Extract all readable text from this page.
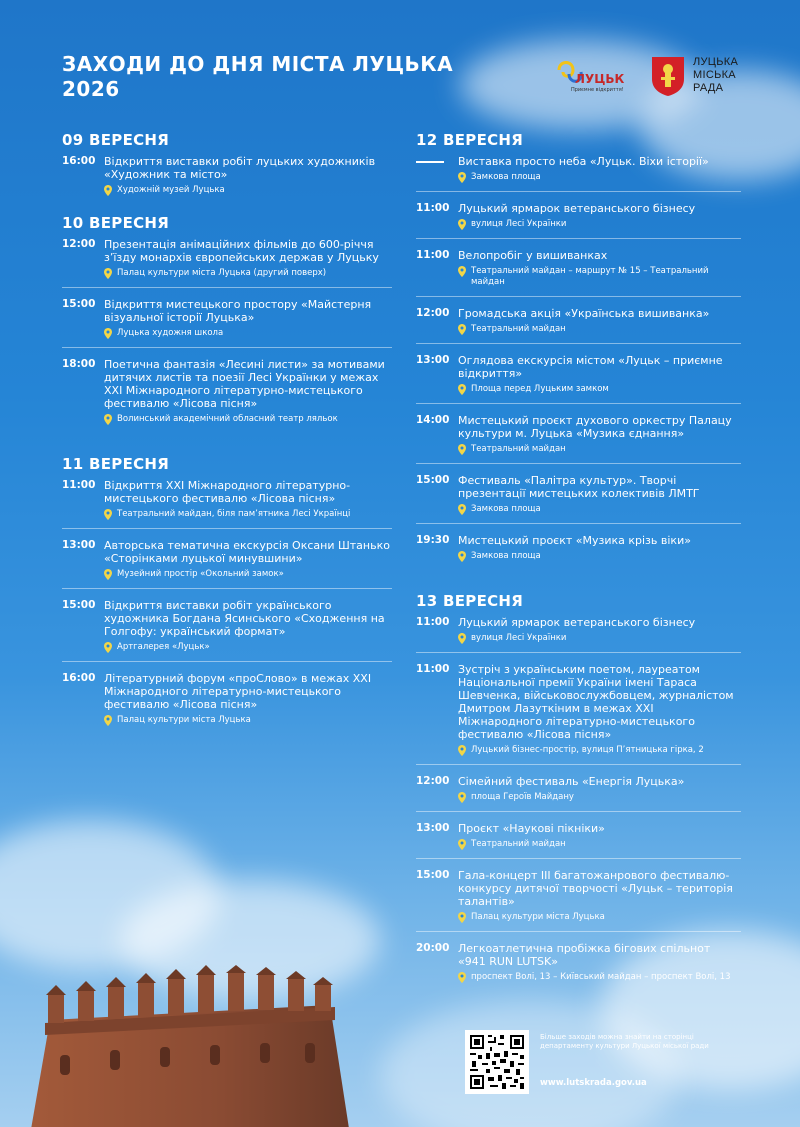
ЗАХОДИ ДО ДНЯ МІСТА ЛУЦЬКА 2026	ЛУЦЬК
Приємне відкриття!
ЛУЦЬКА
МІСЬКА
РАДА
09 ВЕРЕСНЯ
16:00 Відкриття виставки робіт луцьких художників «Художник та місто»
Художній музей Луцька
10 ВЕРЕСНЯ
12:00 Презентація анімаційних фільмів до 600-річчя з’їзду монархів європейських держав у Луцьку
Палац культури міста Луцька (другий поверх)
15:00 Відкриття мистецького простору «Майстерня візуальної історії Луцька»
Луцька художня школа
18:00 Поетична фантазія «Лесині листи» за мотивами дитячих листів та поезії Лесі Українки у межах XXI Міжнародного літературно-мистецького фестивалю «Лісова пісня»
Волинський академічний обласний театр ляльок
11 ВЕРЕСНЯ
11:00 Відкриття XXI Міжнародного літературно-мистецького фестивалю «Лісова пісня»
Театральний майдан, біля пам’ятника Лесі Українці
13:00 Авторська тематична екскурсія Оксани Штанько «Сторінками луцької минувшини»
Музейний простір «Окольний замок»
15:00 Відкриття виставки робіт українського художника Богдана Ясинського «Сходження на Голгофу: український формат»
Артгалерея «Луцьк»
16:00 Літературний форум «проСлово» в межах XXI Міжнародного літературно-мистецького фестивалю «Лісова пісня»
Палац культури міста Луцька
12 ВЕРЕСНЯ
Виставка просто неба «Луцьк. Віхи історії»
Замкова площа
11:00 Луцький ярмарок ветеранського бізнесу
вулиця Лесі Українки
11:00 Велопробіг у вишиванках
Театральний майдан – маршрут № 15 – Театральний майдан
12:00 Громадська акція «Українська вишиванка»
Театральний майдан
13:00 Оглядова екскурсія містом «Луцьк – приємне відкриття»
Площа перед Луцьким замком
14:00 Мистецький проєкт духового оркестру Палацу культури м. Луцька «Музика єднання»
Театральний майдан
15:00 Фестиваль «Палітра культур». Творчі презентації мистецьких колективів ЛМТГ
Замкова площа
19:30 Мистецький проєкт «Музика крізь віки»
Замкова площа
13 ВЕРЕСНЯ
11:00 Луцький ярмарок ветеранського бізнесу
вулиця Лесі Українки
11:00 Зустріч з українським поетом, лауреатом Національної премії України імені Тараса Шевченка, військовослужбовцем, журналістом Дмитром Лазуткіним в межах XXI Міжнародного літературно-мистецького фестивалю «Лісова пісня»
Луцький бізнес-простір, вулиця П’ятницька гірка, 2
12:00 Сімейний фестиваль «Енергія Луцька»
площа Героїв Майдану
13:00 Проєкт «Наукові пікніки»
Театральний майдан
15:00 Гала-концерт III багатожанрового фестивалю-конкурсу дитячої творчості «Луцьк – територія талантів»
Палац культури міста Луцька
20:00 Легкоатлетична пробіжка бігових спільнот «941 RUN LUTSK»
проспект Волі, 13 – Київський майдан – проспект Волі, 13
Більше заходів можна знайти на сторінці департаменту культури Луцької міської ради
www.lutskrada.gov.ua
